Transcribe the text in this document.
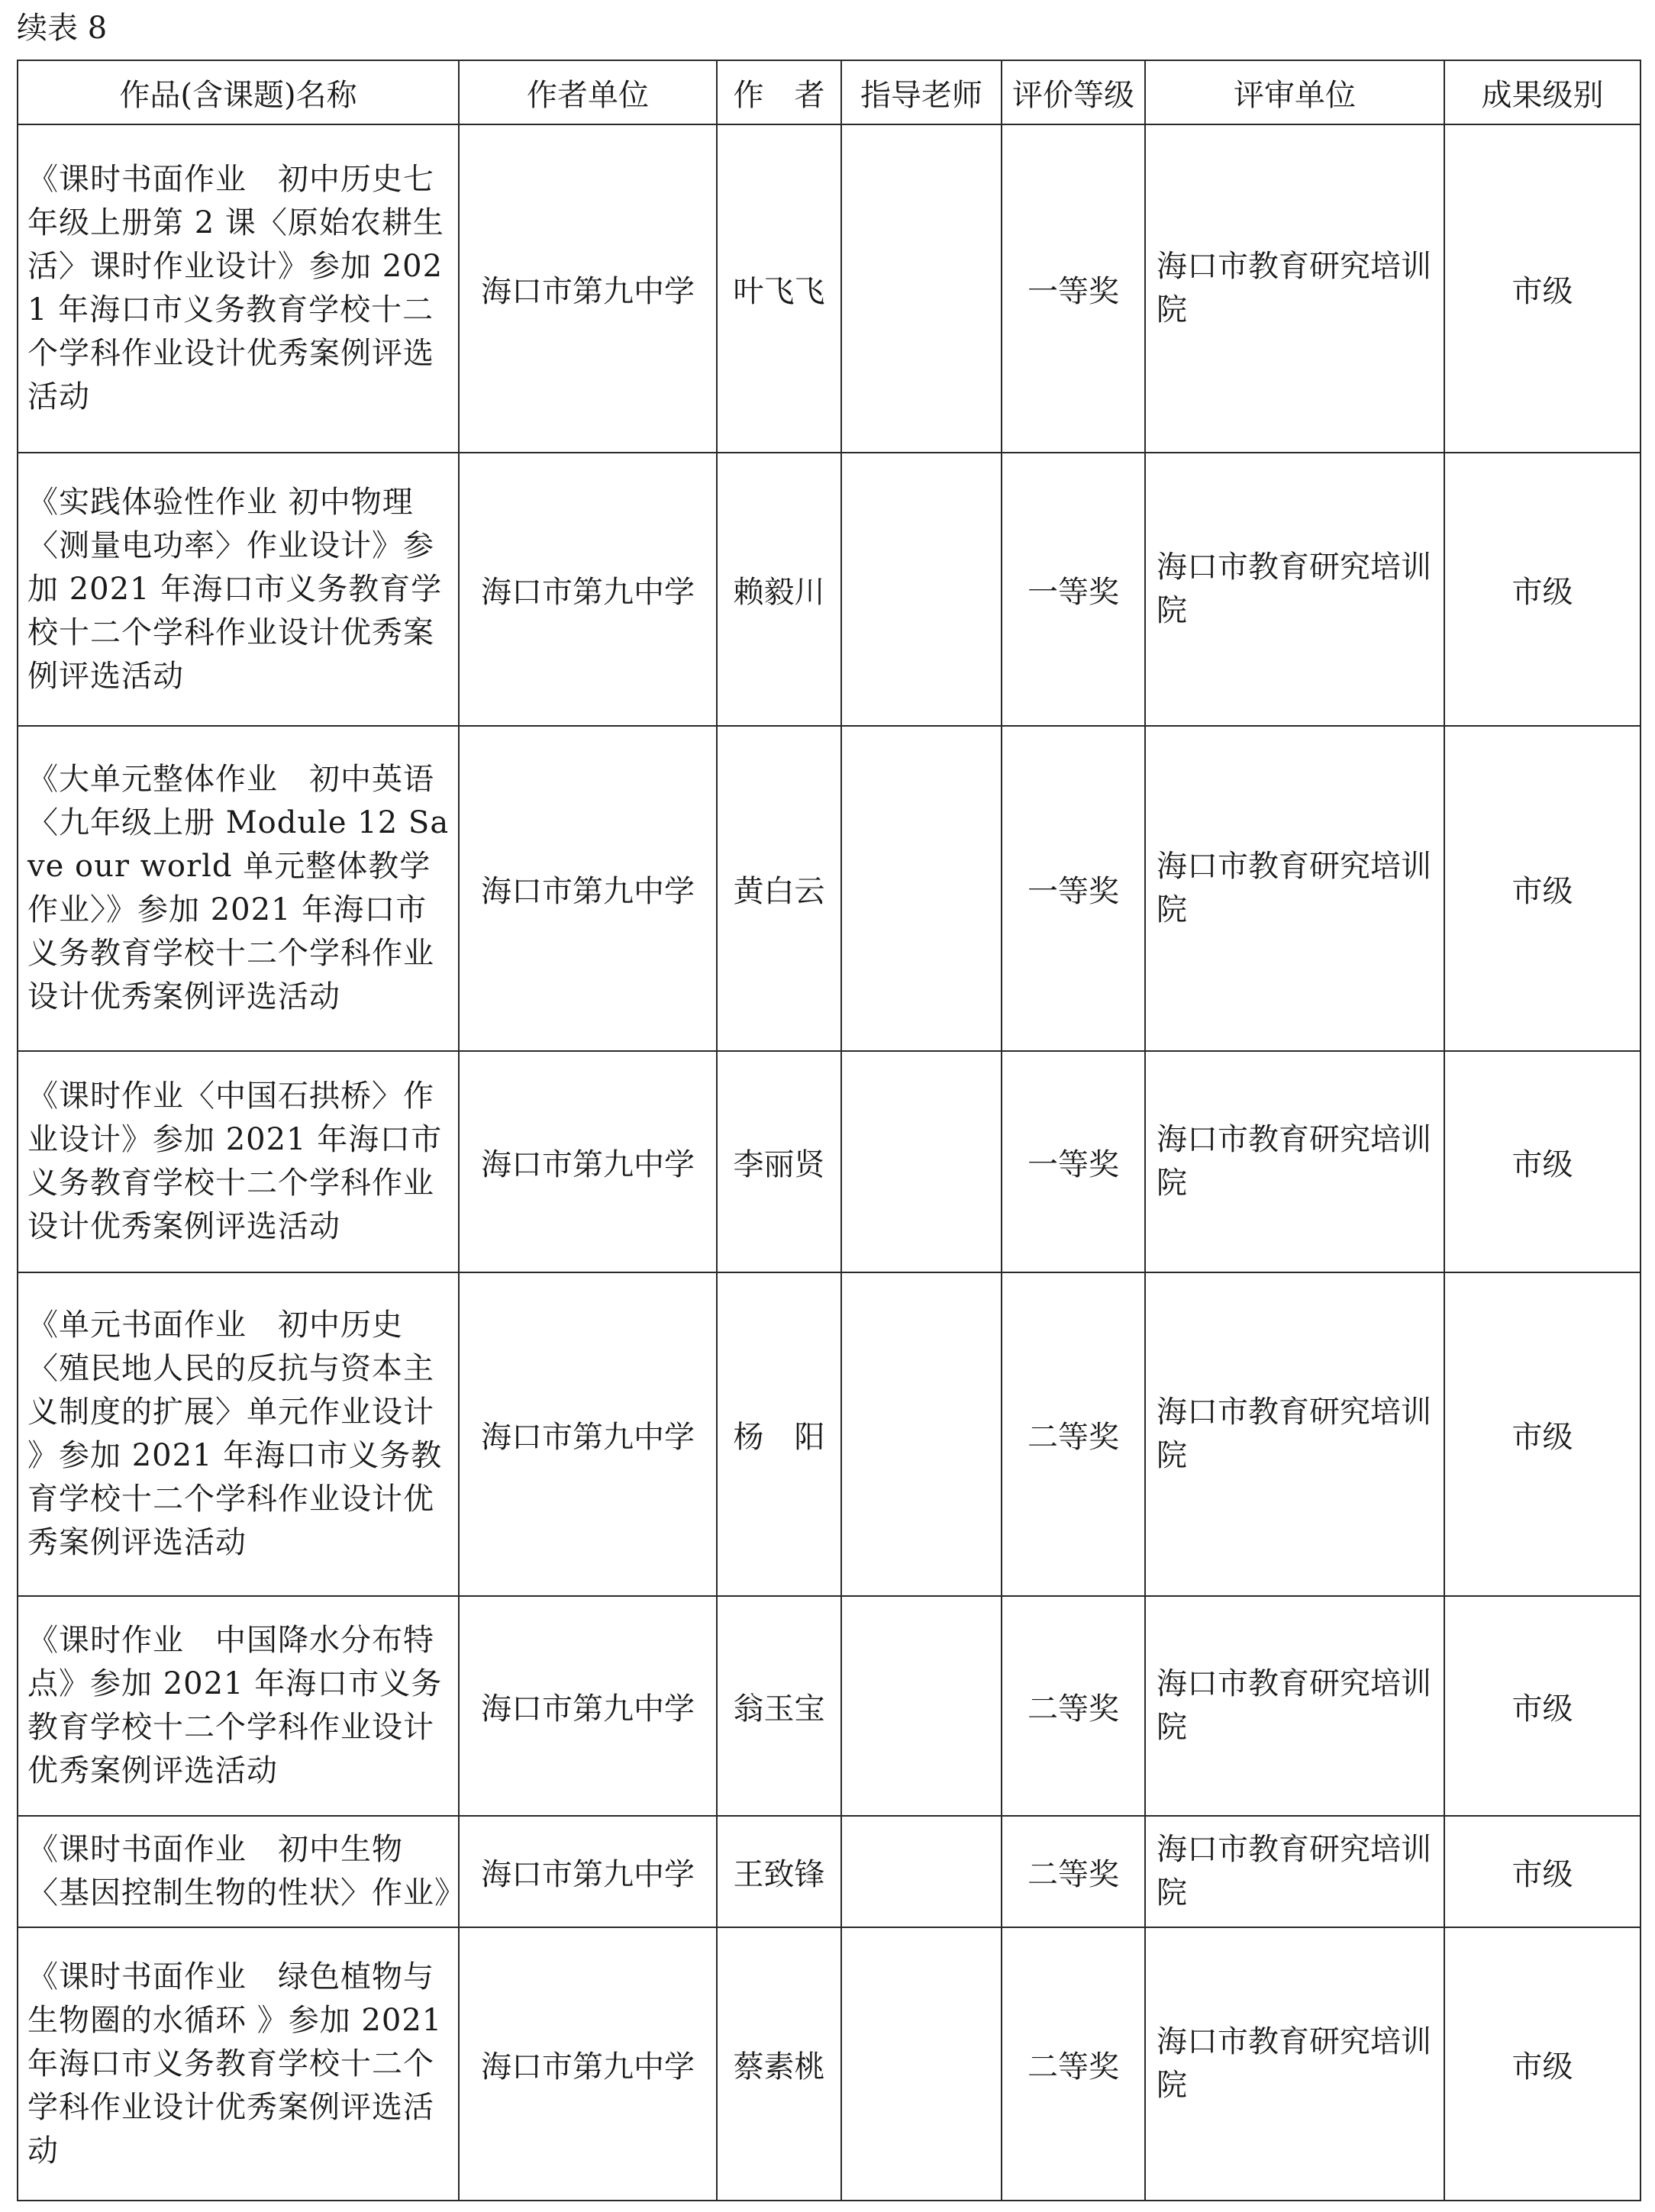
续表 8
作品(含课题)名称	作者单位	作　者	指导老师	评价等级	评审单位	成果级别
《课时书面作业　初中历史七年级上册第 2 课〈原始农耕生活〉课时作业设计》参加 2021 年海口市义务教育学校十二个学科作业设计优秀案例评选活动	海口市第九中学	叶飞飞		一等奖	海口市教育研究培训院	市级
《实践体验性作业 初中物理〈测量电功率〉作业设计》参加 2021 年海口市义务教育学校十二个学科作业设计优秀案例评选活动	海口市第九中学	赖毅川		一等奖	海口市教育研究培训院	市级
《大单元整体作业　初中英语〈九年级上册 Module 12 Save our world 单元整体教学作业〉》参加 2021 年海口市义务教育学校十二个学科作业设计优秀案例评选活动	海口市第九中学	黄白云		一等奖	海口市教育研究培训院	市级
《课时作业〈中国石拱桥〉作业设计》参加 2021 年海口市义务教育学校十二个学科作业设计优秀案例评选活动	海口市第九中学	李丽贤		一等奖	海口市教育研究培训院	市级
《单元书面作业　初中历史〈殖民地人民的反抗与资本主义制度的扩展〉单元作业设计 》参加 2021 年海口市义务教育学校十二个学科作业设计优秀案例评选活动	海口市第九中学	杨　阳		二等奖	海口市教育研究培训院	市级
《课时作业　中国降水分布特点》参加 2021 年海口市义务教育学校十二个学科作业设计优秀案例评选活动	海口市第九中学	翁玉宝		二等奖	海口市教育研究培训院	市级
《课时书面作业　初中生物〈基因控制生物的性状〉作业》	海口市第九中学	王致锋		二等奖	海口市教育研究培训院	市级
《课时书面作业　绿色植物与生物圈的水循环 》参加 2021 年海口市义务教育学校十二个学科作业设计优秀案例评选活动	海口市第九中学	蔡素桃		二等奖	海口市教育研究培训院	市级
